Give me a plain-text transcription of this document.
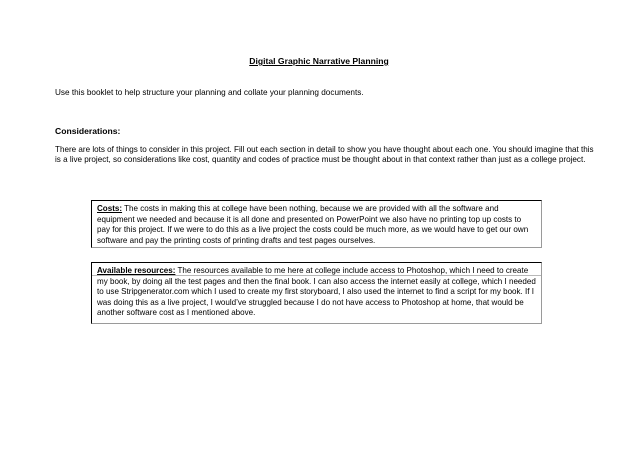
Digital Graphic Narrative Planning
Use this booklet to help structure your planning and collate your planning documents.
Considerations:
There are lots of things to consider in this project. Fill out each section in detail to show you have thought about each one. You should imagine that this is a live project, so considerations like cost, quantity and codes of practice must be thought about in that context rather than just as a college project.
Costs: The costs in making this at college have been nothing, because we are provided with all the software and equipment we needed and because it is all done and presented on PowerPoint we also have no printing top up costs to pay for this project. If we were to do this as a live project the costs could be much more, as we would have to get our own software and pay the printing costs of printing drafts and test pages ourselves.
Available resources: The resources available to me here at college include access to Photoshop, which I need to create my book, by doing all the test pages and then the final book. I can also access the internet easily at college, which I needed to use Stripgenerator.com which I used to create my first storyboard, I also used the internet to find a script for my book. If I was doing this as a live project, I would’ve struggled because I do not have access to Photoshop at home, that would be another software cost as I mentioned above.
